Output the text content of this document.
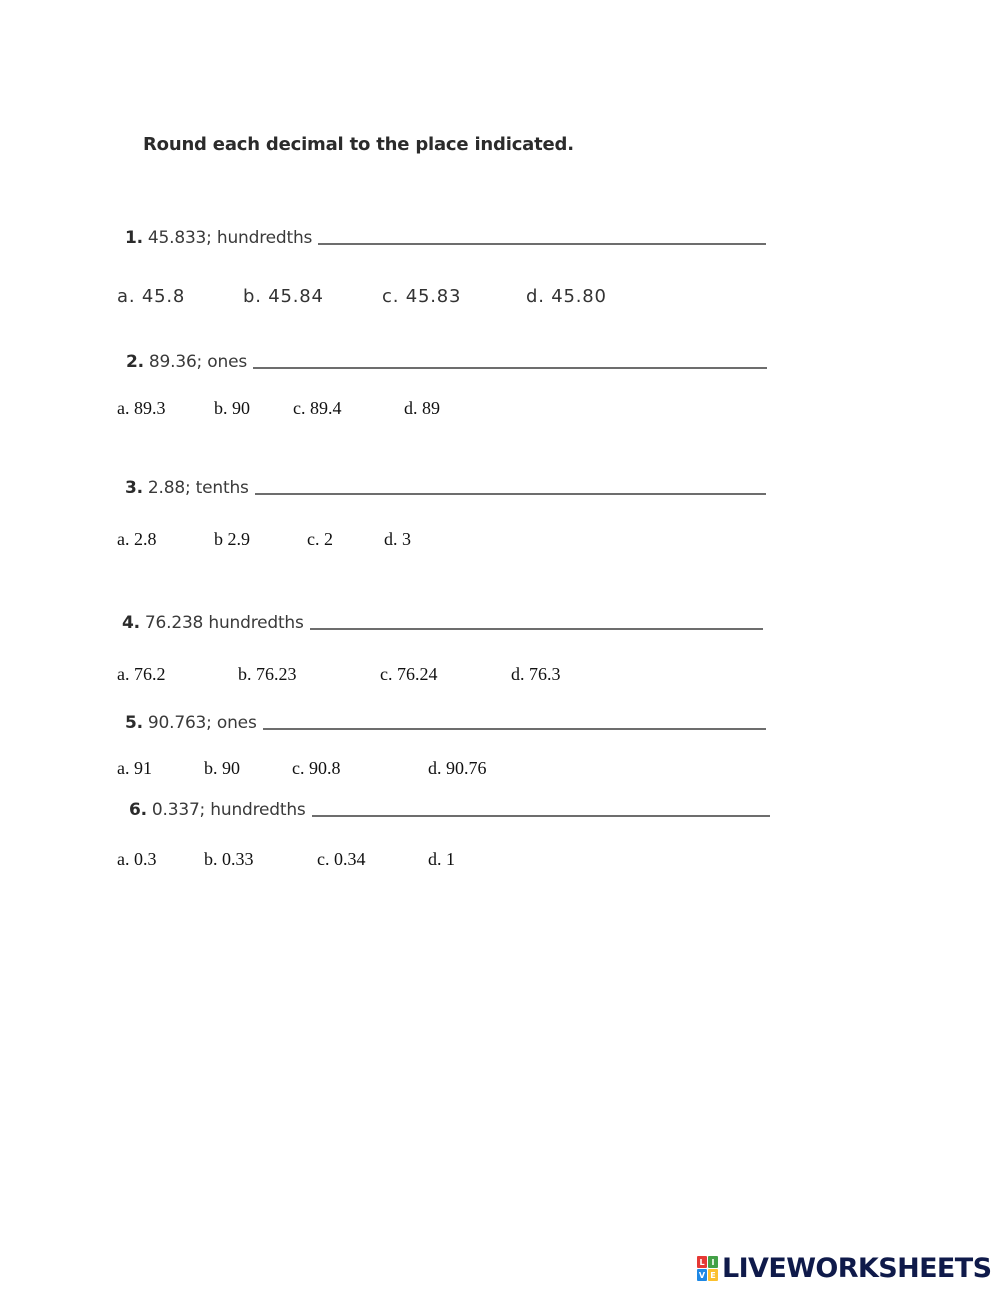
Round each decimal to the place indicated.
1. 45.833; hundredths
a. 45.8	b. 45.84	c. 45.83	d. 45.80
2. 89.36; ones
a. 89.3	b. 90 c. 89.4	d. 89
3. 2.88; tenths
a. 2.8	b 2.9	c. 2	d. 3
4. 76.238 hundredths
a. 76.2	b. 76.23	c. 76.24	d. 76.3
5. 90.763; ones
a. 91	b. 90	c. 90.8	d. 90.76
6. 0.337; hundredths
a. 0.3	b. 0.33	c. 0.34	d. 1
L I
V E LIVEWORKSHEETS
